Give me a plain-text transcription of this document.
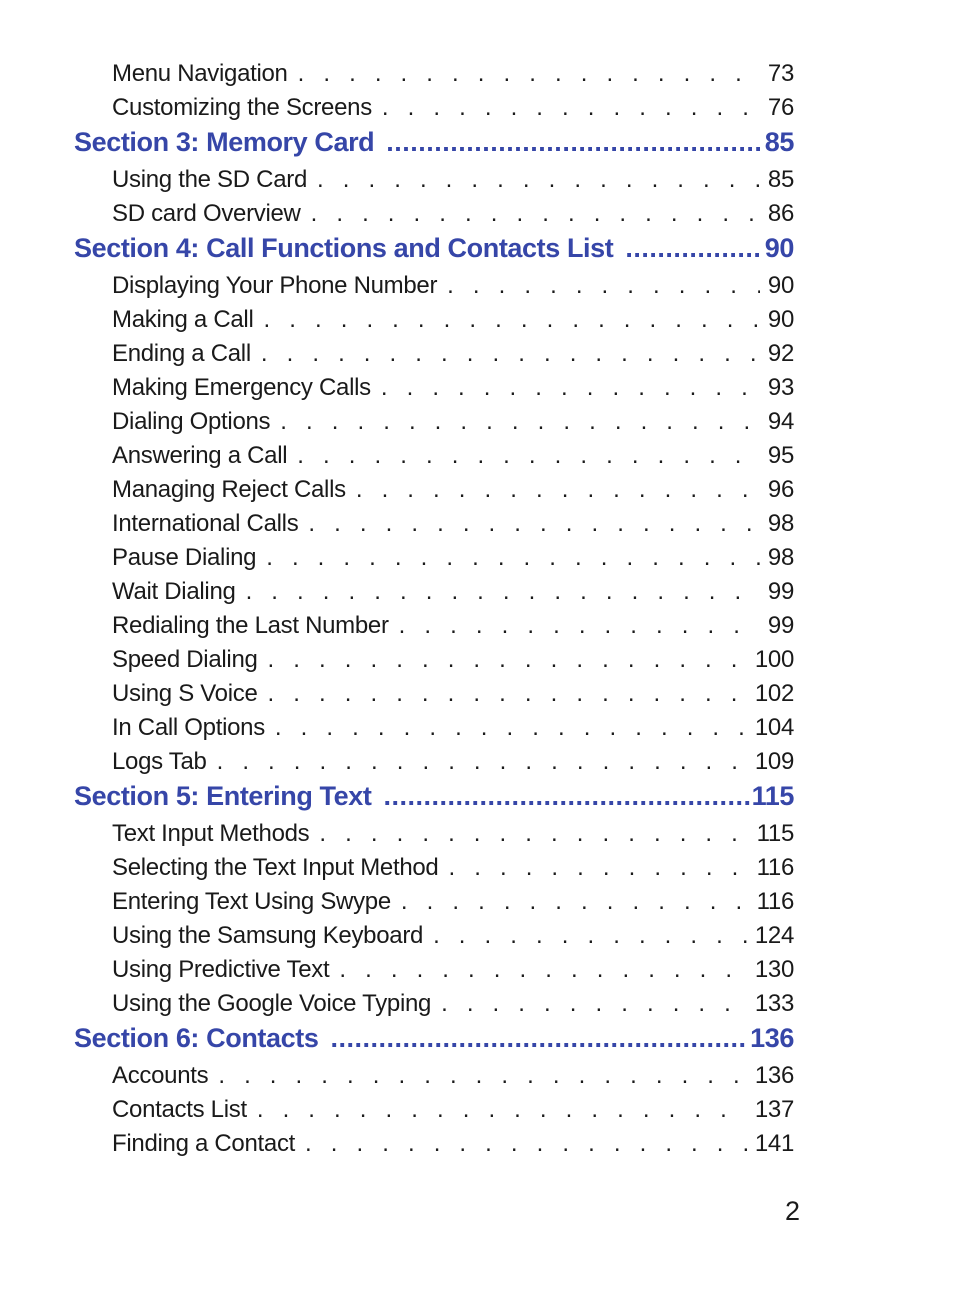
Menu Navigation . . .	73
Customizing the Screens . . .	76
Section 3: Memory Card .....	85
Using the SD Card . . .	85
SD card Overview . . .	86
Section 4: Call Functions and Contacts List .....	90
Displaying Your Phone Number . . .	90
Making a Call . . .	90
Ending a Call . . .	92
Making Emergency Calls . . .	93
Dialing Options . . .	94
Answering a Call . . .	95
Managing Reject Calls . . .	96
International Calls . . .	98
Pause Dialing . . .	98
Wait Dialing . . .	99
Redialing the Last Number . . .	99
Speed Dialing . . .	100
Using S Voice . . .	102
In Call Options . . .	104
Logs Tab . . .	109
Section 5: Entering Text .....	115
Text Input Methods . . .	115
Selecting the Text Input Method . . .	116
Entering Text Using Swype . . .	116
Using the Samsung Keyboard . . .	124
Using Predictive Text . . .	130
Using the Google Voice Typing . . .	133
Section 6: Contacts .....	136
Accounts . . .	136
Contacts List . . .	137
Finding a Contact . . .	141
2
